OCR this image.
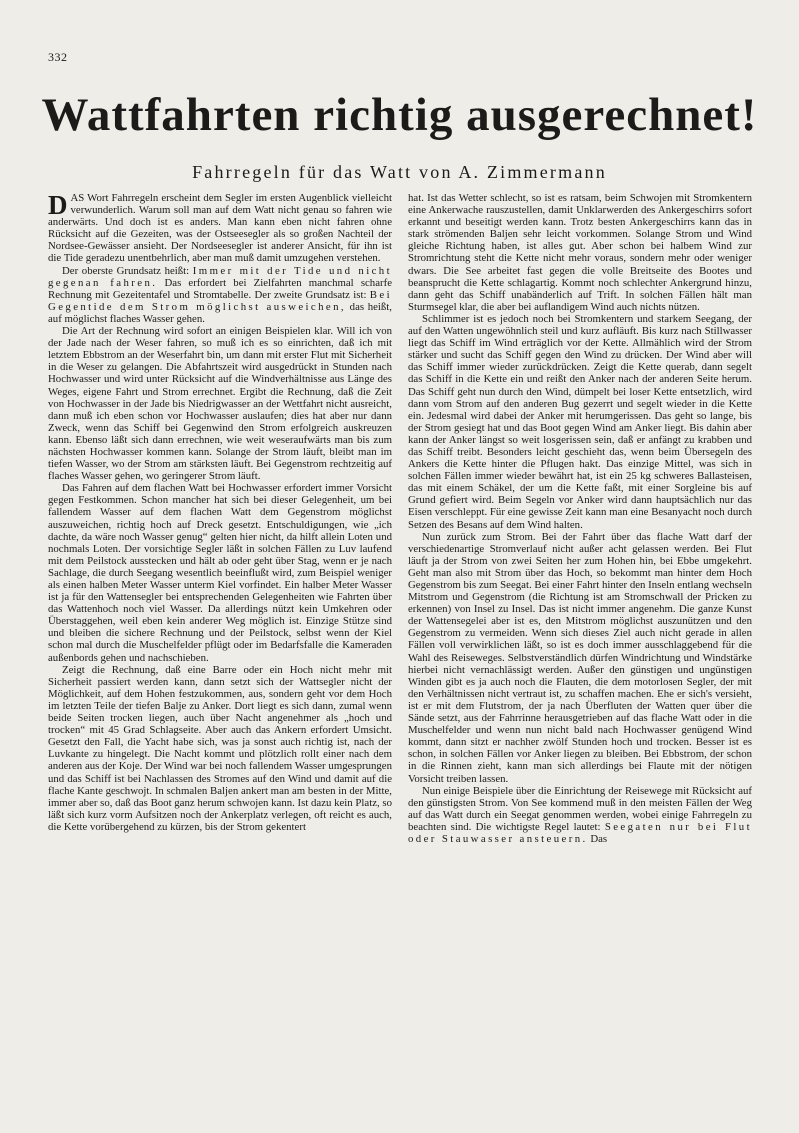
332
Wattfahrten richtig ausgerechnet!
Fahrregeln für das Watt von A. Zimmermann

DAS Wort Fahrregeln erscheint dem Segler im ersten Augenblick vielleicht verwunderlich. Warum soll man auf dem Watt nicht genau so fahren wie anderwärts. Und doch ist es anders. Man kann eben nicht fahren ohne Rücksicht auf die Gezeiten, was der Ostseesegler als so großen Nachteil der Nordsee-Gewässer ansieht. Der Nordseesegler ist anderer Ansicht, für ihn ist die Tide geradezu unentbehrlich, aber man muß damit umzugehen verstehen.

Der oberste Grundsatz heißt: Immer mit der Tide und nicht gegenan fahren. Das erfordert bei Zielfahrten manchmal scharfe Rechnung mit Gezeitentafel und Stromtabelle. Der zweite Grundsatz ist: Bei Gegentide dem Strom möglichst ausweichen, das heißt, auf möglichst flaches Wasser gehen.

Die Art der Rechnung wird sofort an einigen Beispielen klar. Will ich von der Jade nach der Weser fahren, so muß ich es so einrichten, daß ich mit letztem Ebbstrom an der Weserfahrt bin, um dann mit erster Flut mit Sicherheit in die Weser zu gelangen. Die Abfahrtszeit wird ausgedrückt in Stunden nach Hochwasser und wird unter Rücksicht auf die Windverhältnisse aus Länge des Weges, eigene Fahrt und Strom errechnet. Ergibt die Rechnung, daß die Zeit von Hochwasser in der Jade bis Niedrigwasser an der Wettfahrt nicht ausreicht, dann muß ich eben schon vor Hochwasser auslaufen; dies hat aber nur dann Zweck, wenn das Schiff bei Gegenwind den Strom erfolgreich auskreuzen kann. Ebenso läßt sich dann errechnen, wie weit weseraufwärts man bis zum nächsten Hochwasser kommen kann. Solange der Strom läuft, bleibt man im tiefen Wasser, wo der Strom am stärksten läuft. Bei Gegenstrom rechtzeitig auf flaches Wasser gehen, wo geringerer Strom läuft.

Das Fahren auf dem flachen Watt bei Hochwasser erfordert immer Vorsicht gegen Festkommen. Schon mancher hat sich bei dieser Gelegenheit, um bei fallendem Wasser auf dem flachen Watt dem Gegenstrom möglichst auszuweichen, richtig hoch auf Dreck gesetzt. Entschuldigungen, wie „ich dachte, da wäre noch Wasser genug“ gelten hier nicht, da hilft allein Loten und nochmals Loten. Der vorsichtige Segler läßt in solchen Fällen zu Luv laufend mit dem Peilstock ausstecken und hält ab oder geht über Stag, wenn er je nach Sachlage, die durch Seegang wesentlich beeinflußt wird, zum Beispiel weniger als einen halben Meter Wasser unterm Kiel vorfindet. Ein halber Meter Wasser ist ja für den Wattensegler bei entsprechenden Gelegenheiten wie Fahrten über das Wattenhoch noch viel Wasser. Da allerdings nützt kein Umkehren oder Überstaggehen, weil eben kein anderer Weg möglich ist. Einzige Stütze sind und bleiben die sichere Rechnung und der Peilstock, selbst wenn der Kiel schon mal durch die Muschelfelder pflügt oder im Bedarfsfalle die Kameraden außenbords gehen und nachschieben.

Zeigt die Rechnung, daß eine Barre oder ein Hoch nicht mehr mit Sicherheit passiert werden kann, dann setzt sich der Wattsegler nicht der Möglichkeit, auf dem Hohen festzukommen, aus, sondern geht vor dem Hoch im letzten Teile der tiefen Balje zu Anker. Dort liegt es sich dann, zumal wenn beide Seiten trocken liegen, auch über Nacht angenehmer als „hoch und trocken“ mit 45 Grad Schlagseite. Aber auch das Ankern erfordert Umsicht. Gesetzt den Fall, die Yacht habe sich, was ja sonst auch richtig ist, nach der Luvkante zu hingelegt. Die Nacht kommt und plötzlich rollt einer nach dem anderen aus der Koje. Der Wind war bei noch fallendem Wasser umgesprungen und das Schiff ist bei Nachlassen des Stromes auf den Wind und damit auf die flache Kante geschwojt. In schmalen Baljen ankert man am besten in der Mitte, immer aber so, daß das Boot ganz herum schwojen kann. Ist dazu kein Platz, so läßt sich kurz vorm Aufsitzen noch der Ankerplatz verlegen, oft reicht es auch, die Kette vorübergehend zu kürzen, bis der Strom gekentert

hat. Ist das Wetter schlecht, so ist es ratsam, beim Schwojen mit Stromkentern eine Ankerwache rauszustellen, damit Unklarwerden des Ankergeschirrs sofort erkannt und beseitigt werden kann. Trotz besten Ankergeschirrs kann das in stark strömenden Baljen sehr leicht vorkommen. Solange Strom und Wind gleiche Richtung haben, ist alles gut. Aber schon bei halbem Wind zur Stromrichtung steht die Kette nicht mehr voraus, sondern mehr oder weniger dwars. Die See arbeitet fast gegen die volle Breitseite des Bootes und beansprucht die Kette schlagartig. Kommt noch schlechter Ankergrund hinzu, dann geht das Schiff unabänderlich auf Trift. In solchen Fällen hält man Sturmsegel klar, die aber bei auflandigem Wind auch nichts nützen.

Schlimmer ist es jedoch noch bei Stromkentern und starkem Seegang, der auf den Watten ungewöhnlich steil und kurz aufläuft. Bis kurz nach Stillwasser liegt das Schiff im Wind erträglich vor der Kette. Allmählich wird der Strom stärker und sucht das Schiff gegen den Wind zu drücken. Der Wind aber will das Schiff immer wieder zurückdrücken. Zeigt die Kette querab, dann segelt das Schiff in die Kette ein und reißt den Anker nach der anderen Seite herum. Das Schiff geht nun durch den Wind, dümpelt bei loser Kette entsetzlich, wird dann vom Strom auf den anderen Bug gezerrt und segelt wieder in die Kette ein. Jedesmal wird dabei der Anker mit herumgerissen. Das geht so lange, bis der Strom gesiegt hat und das Boot gegen Wind am Anker liegt. Bis dahin aber kann der Anker längst so weit losgerissen sein, daß er anfängt zu krabben und das Schiff treibt. Besonders leicht geschieht das, wenn beim Übersegeln des Ankers die Kette hinter die Pflugen hakt. Das einzige Mittel, was sich in solchen Fällen immer wieder bewährt hat, ist ein 25 kg schweres Ballasteisen, das mit einem Schäkel, der um die Kette faßt, mit einer Sorgleine bis auf Grund gefiert wird. Beim Segeln vor Anker wird dann hauptsächlich nur das Eisen verschleppt. Für eine gewisse Zeit kann man eine Besanyacht noch durch Setzen des Besans auf dem Wind halten.

Nun zurück zum Strom. Bei der Fahrt über das flache Watt darf der verschiedenartige Stromverlauf nicht außer acht gelassen werden. Bei Flut läuft ja der Strom von zwei Seiten her zum Hohen hin, bei Ebbe umgekehrt. Geht man also mit Strom über das Hoch, so bekommt man hinter dem Hoch Gegenstrom bis zum Seegat. Bei einer Fahrt hinter den Inseln entlang wechseln Mitstrom und Gegenstrom (die Richtung ist am Stromschwall der Pricken zu erkennen) von Insel zu Insel. Das ist nicht immer angenehm. Die ganze Kunst der Wattensegelei aber ist es, den Mitstrom möglichst auszunützen und den Gegenstrom zu vermeiden. Wenn sich dieses Ziel auch nicht gerade in allen Fällen voll verwirklichen läßt, so ist es doch immer ausschlaggebend für die Wahl des Reiseweges. Selbstverständlich dürfen Windrichtung und Windstärke hierbei nicht vernachlässigt werden. Außer den günstigen und ungünstigen Winden gibt es ja auch noch die Flauten, die dem motorlosen Segler, der mit den Verhältnissen nicht vertraut ist, zu schaffen machen. Ehe er sich's versieht, ist er mit dem Flutstrom, der ja nach Überfluten der Watten quer über die Sände setzt, aus der Fahrrinne herausgetrieben auf das flache Watt oder in die Muschelfelder und wenn nun nicht bald nach Hochwasser genügend Wind kommt, dann sitzt er nachher zwölf Stunden hoch und trocken. Besser ist es schon, in solchen Fällen vor Anker liegen zu bleiben. Bei Ebbstrom, der schon in die Rinnen zieht, kann man sich allerdings bei Flaute mit der nötigen Vorsicht treiben lassen.

Nun einige Beispiele über die Einrichtung der Reisewege mit Rücksicht auf den günstigsten Strom. Von See kommend muß in den meisten Fällen der Weg auf das Watt durch ein Seegat genommen werden, wobei einige Fahrregeln zu beachten sind. Die wichtigste Regel lautet: Seegaten nur bei Flut oder Stauwasser ansteuern. Das
